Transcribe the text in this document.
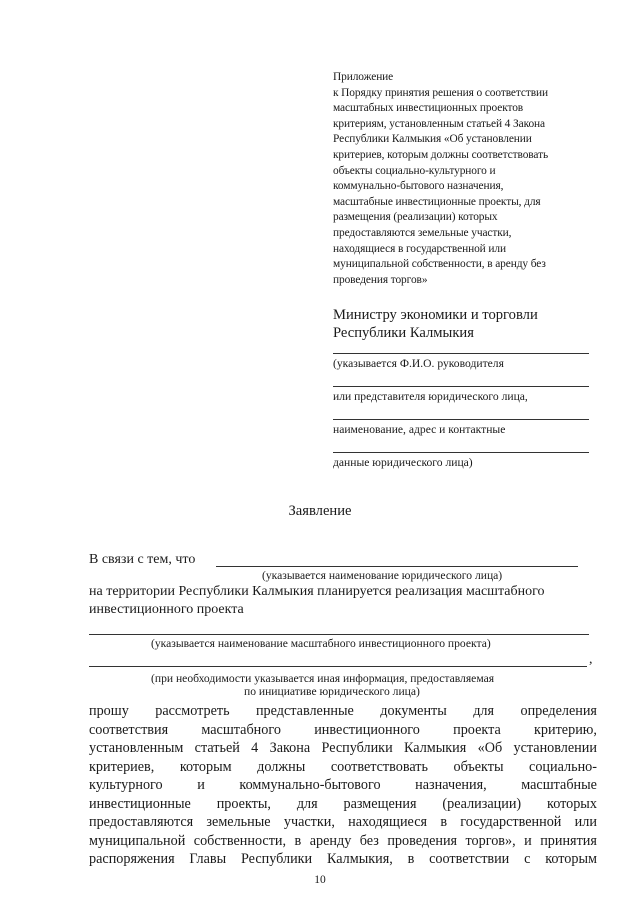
Приложение
к Порядку принятия решения о соответствии
масштабных инвестиционных проектов
критериям, установленным статьей 4 Закона
Республики Калмыкия «Об установлении
критериев, которым должны соответствовать
объекты социально-культурного и
коммунально-бытового назначения,
масштабные инвестиционные проекты, для
размещения (реализации) которых
предоставляются земельные участки,
находящиеся в государственной или
муниципальной собственности, в аренду без
проведения торгов»
Министру экономики и торговли
Республики Калмыкия
(указывается Ф.И.О. руководителя
или представителя юридического лица,
наименование, адрес и контактные
данные юридического лица)
Заявление
В связи с тем, что
(указывается наименование юридического лица)
на территории Республики Калмыкия планируется реализация масштабного
инвестиционного проекта
(указывается наименование масштабного инвестиционного проекта)
,
(при необходимости указывается иная информация, предоставляемая
по инициативе юридического лица)
прошу рассмотреть представленные документы для определения
соответствия масштабного инвестиционного проекта критерию,
установленным статьей 4 Закона Республики Калмыкия «Об установлении
критериев, которым должны соответствовать объекты социально-
культурного и коммунально-бытового назначения, масштабные
инвестиционные проекты, для размещения (реализации) которых
предоставляются земельные участки, находящиеся в государственной или
муниципальной собственности, в аренду без проведения торгов», и принятия
распоряжения Главы Республики Калмыкия, в соответствии с которым
10
